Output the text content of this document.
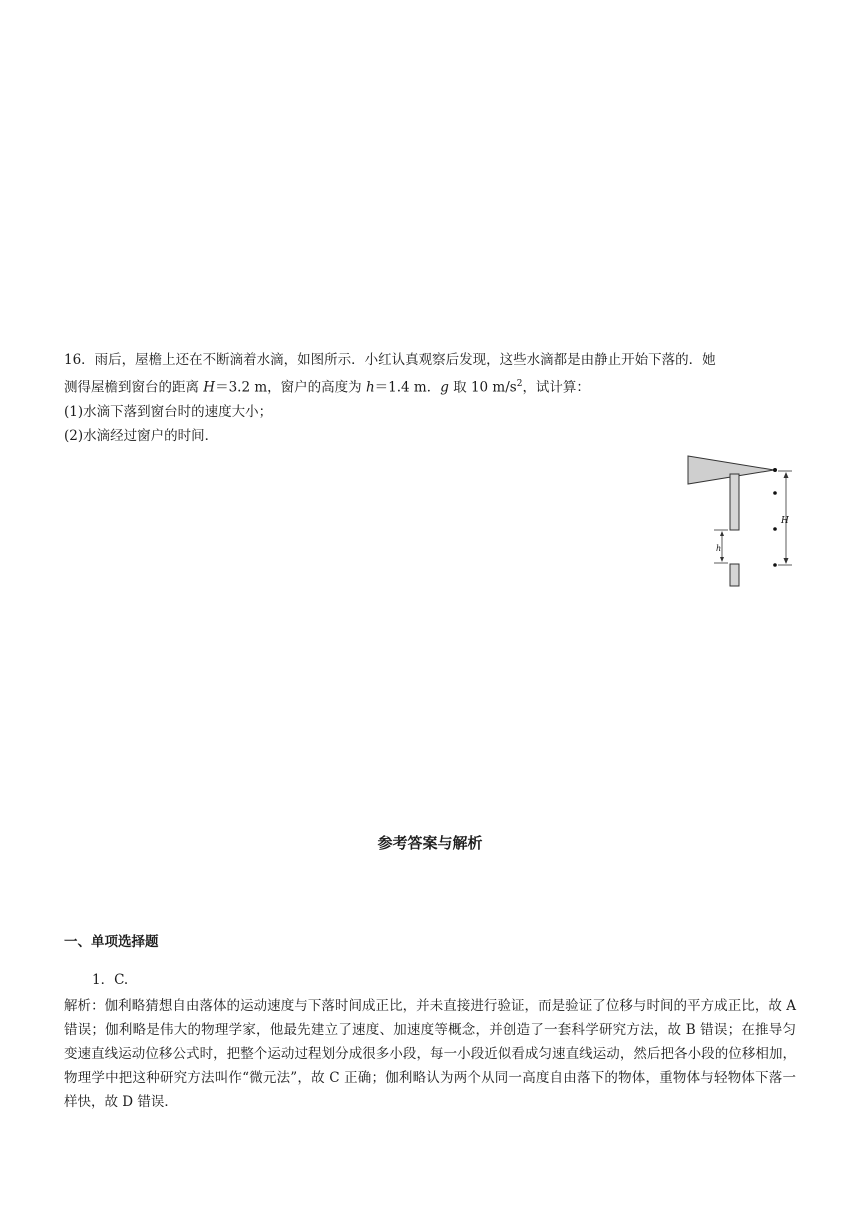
16．雨后，屋檐上还在不断滴着水滴，如图所示．小红认真观察后发现，这些水滴都是由静止开始下落的．她
测得屋檐到窗台的距离 H＝3.2 m，窗户的高度为 h＝1.4 m．g 取 10 $m/s^2$，试计算：
(1)水滴下落到窗台时的速度大小；
(2)水滴经过窗户的时间．
H
h
参考答案与解析
一、单项选择题
1．C.

解析：伽利略猜想自由落体的运动速度与下落时间成正比，并未直接进行验证，而是验证了位移与时间的平方成正比，故 A 错误；伽利略是伟大的物理学家，他最先建立了速度、加速度等概念，并创造了一套科学研究方法，故 B 错误；在推导匀变速直线运动位移公式时，把整个运动过程划分成很多小段，每一小段近似看成匀速直线运动，然后把各小段的位移相加，物理学中把这种研究方法叫作“微元法”，故 C 正确；伽利略认为两个从同一高度自由落下的物体，重物体与轻物体下落一样快，故 D 错误．
